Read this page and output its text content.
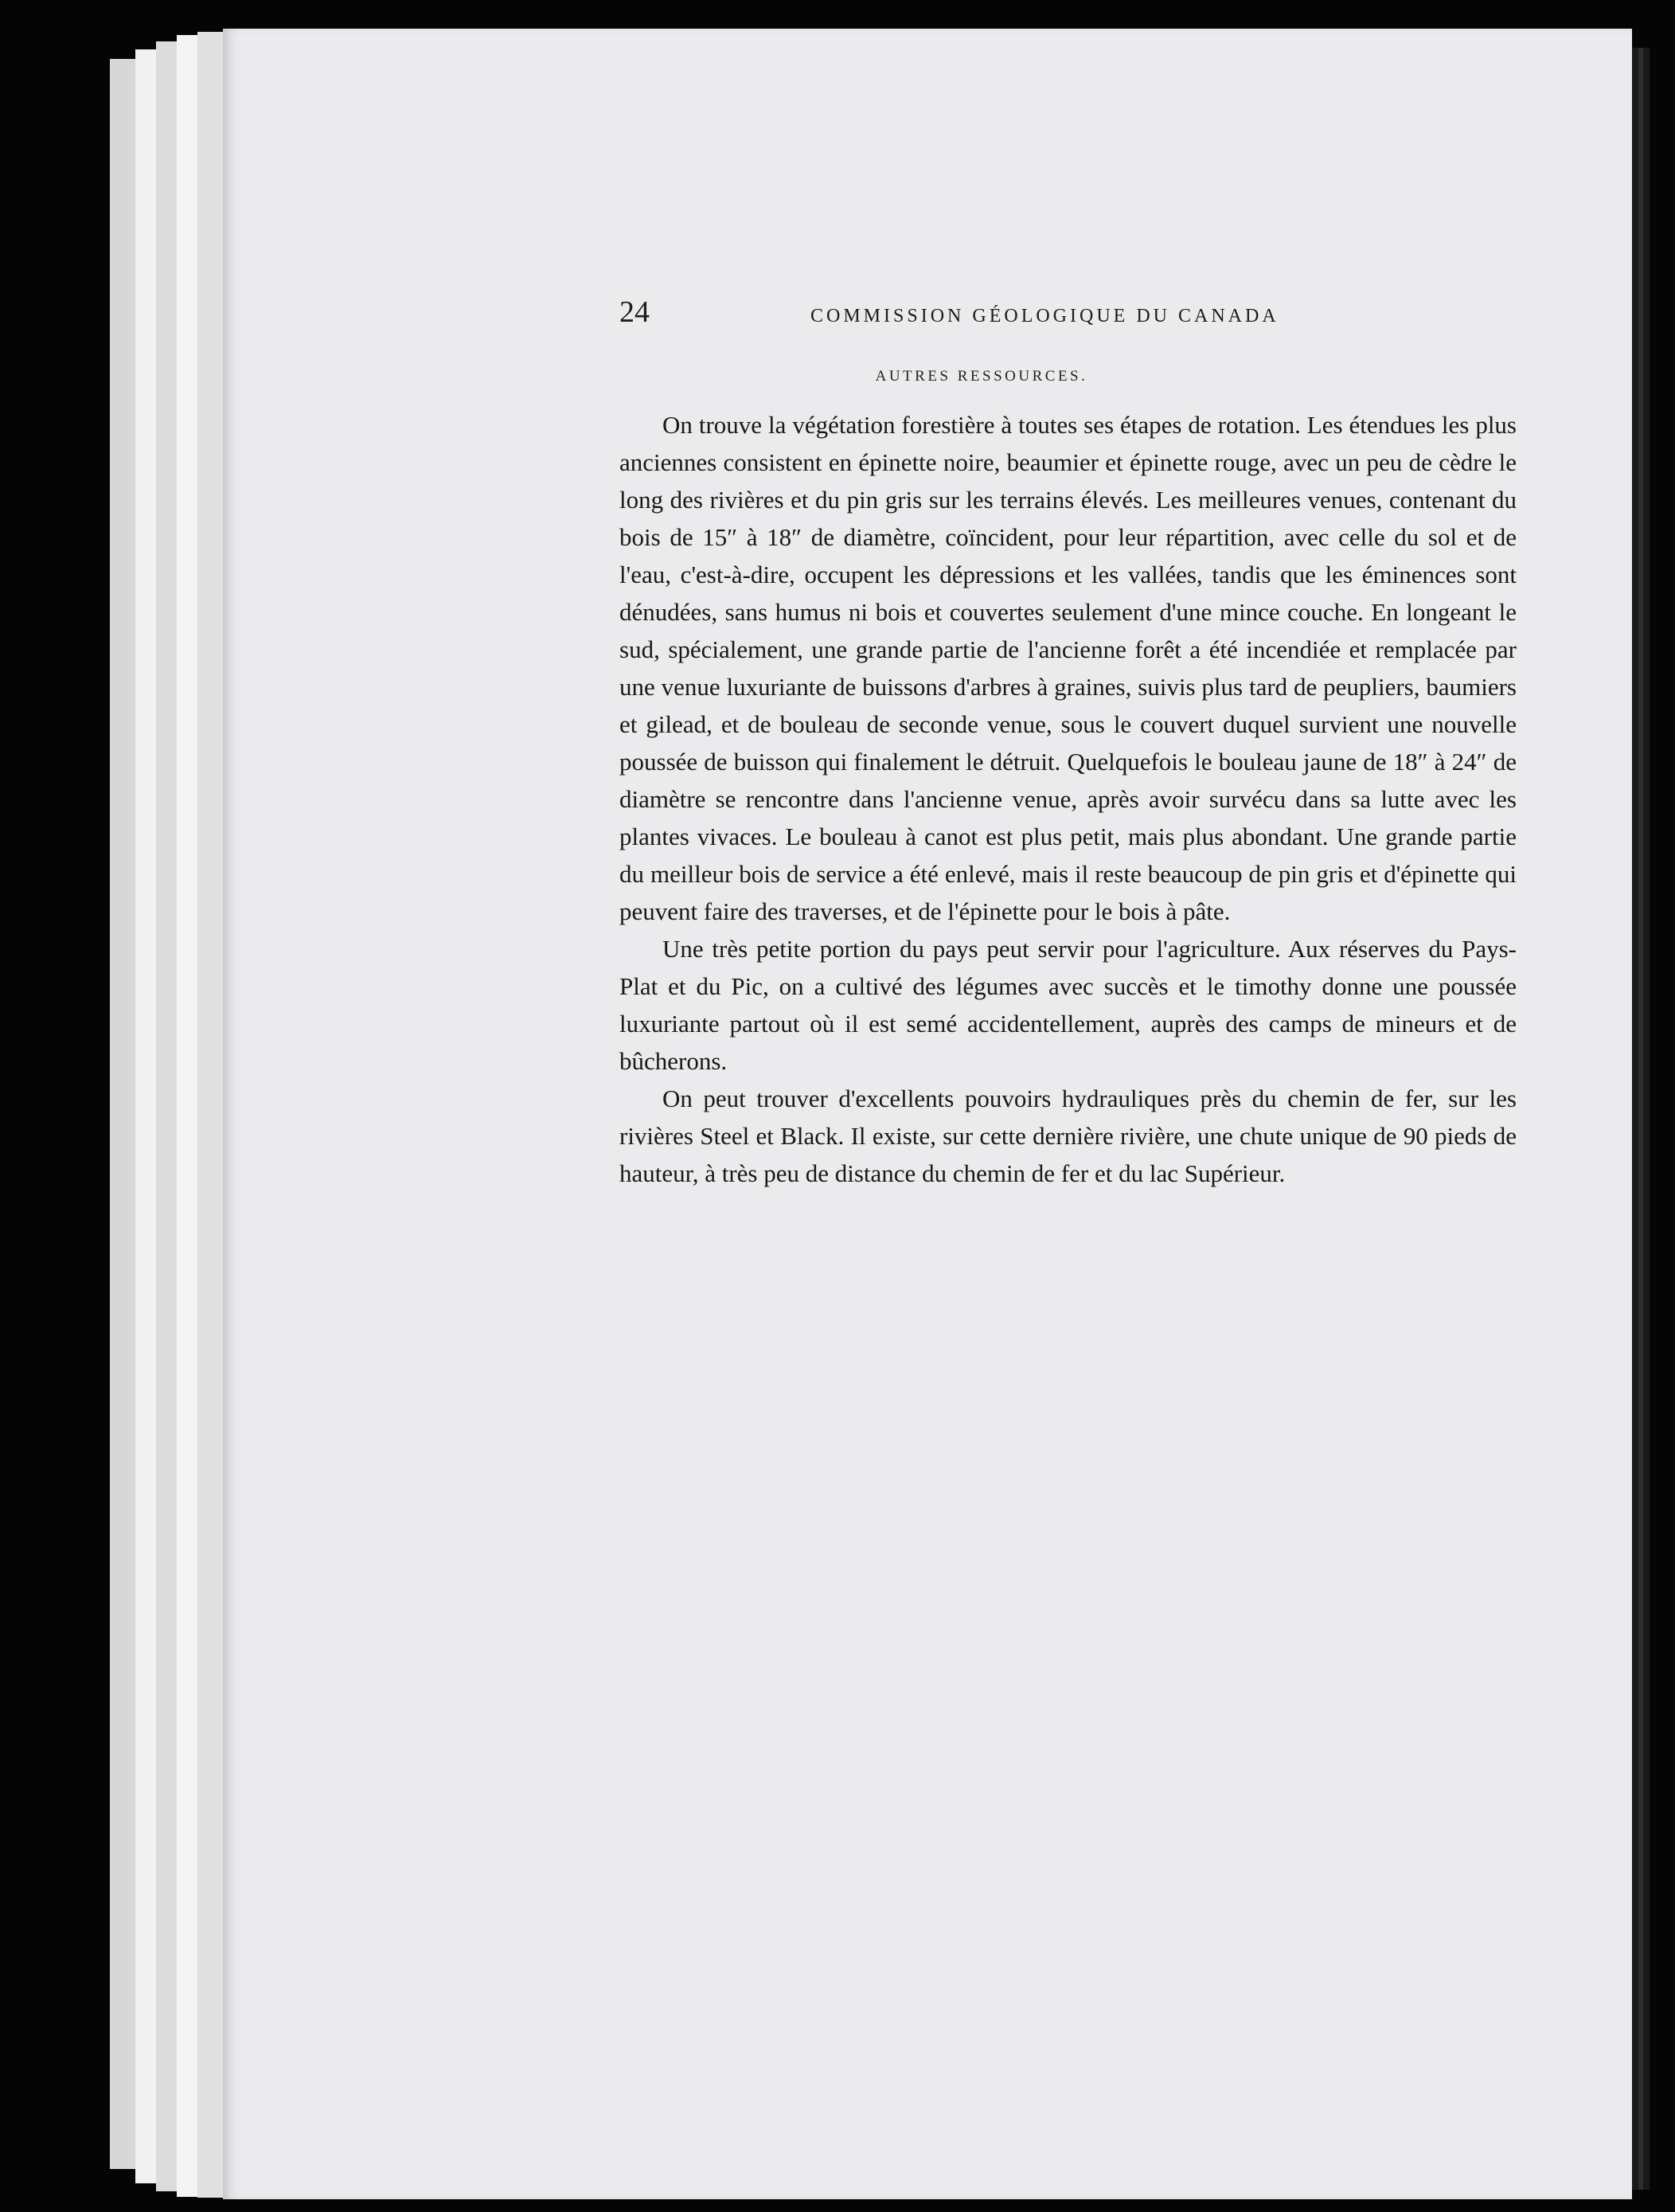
24	COMMISSION GÉOLOGIQUE DU CANADA
AUTRES RESSOURCES.

On trouve la végétation forestière à toutes ses étapes de rotation. Les étendues les plus anciennes consistent en épinette noire, beaumier et épinette rouge, avec un peu de cèdre le long des rivières et du pin gris sur les terrains élevés. Les meilleures venues, contenant du bois de 15″ à 18″ de diamètre, coïncident, pour leur répartition, avec celle du sol et de l'eau, c'est-à-dire, occupent les dépressions et les vallées, tandis que les éminences sont dénudées, sans humus ni bois et couvertes seulement d'une mince couche. En longeant le sud, spécialement, une grande partie de l'ancienne forêt a été incendiée et remplacée par une venue luxuriante de buissons d'arbres à graines, suivis plus tard de peupliers, baumiers et gilead, et de bouleau de seconde venue, sous le couvert duquel survient une nouvelle poussée de buisson qui finalement le détruit. Quelquefois le bouleau jaune de 18″ à 24″ de diamètre se rencontre dans l'ancienne venue, après avoir survécu dans sa lutte avec les plantes vivaces. Le bouleau à canot est plus petit, mais plus abondant. Une grande partie du meilleur bois de service a été enlevé, mais il reste beaucoup de pin gris et d'épinette qui peuvent faire des traverses, et de l'épinette pour le bois à pâte.

Une très petite portion du pays peut servir pour l'agriculture. Aux réserves du Pays-Plat et du Pic, on a cultivé des légumes avec succès et le timothy donne une poussée luxuriante partout où il est semé accidentellement, auprès des camps de mineurs et de bûcherons.

On peut trouver d'excellents pouvoirs hydrauliques près du chemin de fer, sur les rivières Steel et Black. Il existe, sur cette dernière rivière, une chute unique de 90 pieds de hauteur, à très peu de distance du chemin de fer et du lac Supérieur.
